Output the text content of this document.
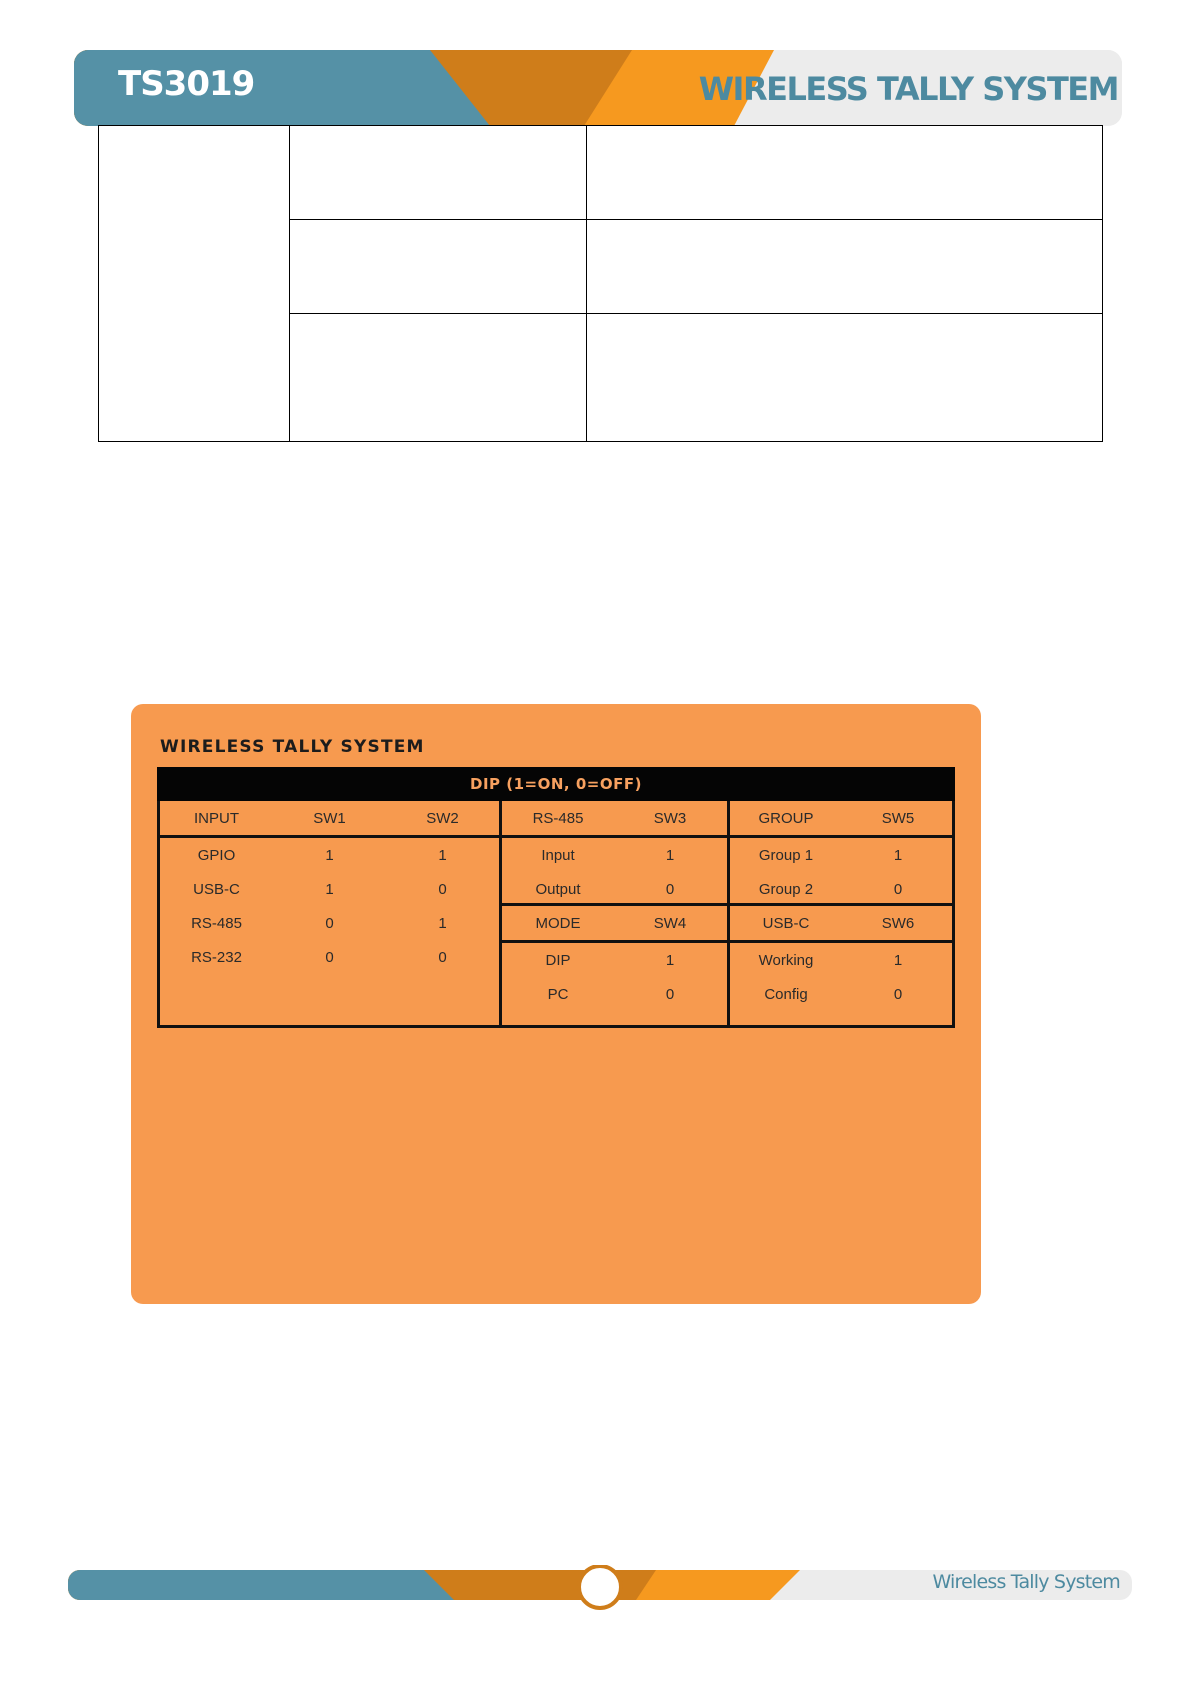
TS3019	WIRELESS TALLY SYSTEM

WIRELESS TALLY SYSTEM
DIP (1=ON, 0=OFF)
INPUT	SW1	SW2
GPIO	1	1
USB-C	1	0
RS-485	0	1
RS-232	0	0
RS-485	SW3
Input	1
Output	0
MODE	SW4
DIP	1
PC	0
GROUP	SW5
Group 1	1
Group 2	0
USB-C	SW6
Working	1
Config	0
Wireless Tally System
